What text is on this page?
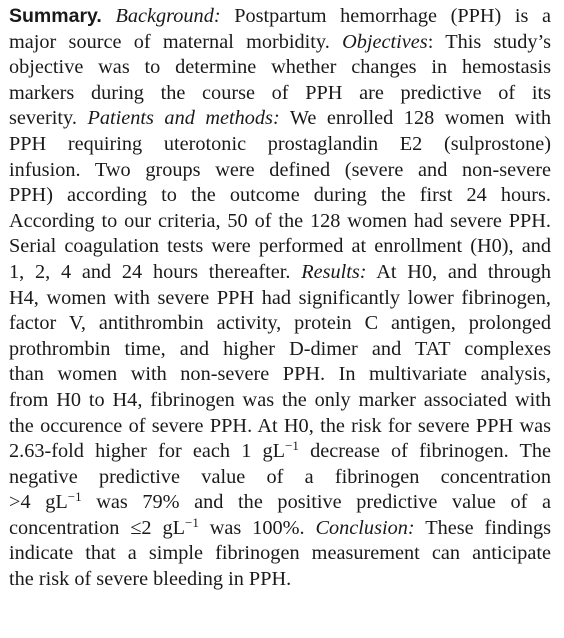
Summary. Background: Postpartum hemorrhage (PPH) is a
major source of maternal morbidity. Objectives: This study’s
objective was to determine whether changes in hemostasis
markers during the course of PPH are predictive of its
severity. Patients and methods: We enrolled 128 women with
PPH requiring uterotonic prostaglandin E2 (sulprostone)
infusion. Two groups were defined (severe and non-severe
PPH) according to the outcome during the first 24 hours.
According to our criteria, 50 of the 128 women had severe PPH.
Serial coagulation tests were performed at enrollment (H0), and
1, 2, 4 and 24 hours thereafter. Results: At H0, and through
H4, women with severe PPH had significantly lower fibrinogen,
factor V, antithrombin activity, protein C antigen, prolonged
prothrombin time, and higher D-dimer and TAT complexes
than women with non-severe PPH. In multivariate analysis,
from H0 to H4, fibrinogen was the only marker associated with
the occurence of severe PPH. At H0, the risk for severe PPH was
2.63-fold higher for each 1 $gL^{-1}$ decrease of fibrinogen. The
negative predictive value of a fibrinogen concentration
>4 $gL^{-1}$ was 79% and the positive predictive value of a
concentration ≤2 $gL^{-1}$ was 100%. Conclusion: These findings
indicate that a simple fibrinogen measurement can anticipate
the risk of severe bleeding in PPH.
